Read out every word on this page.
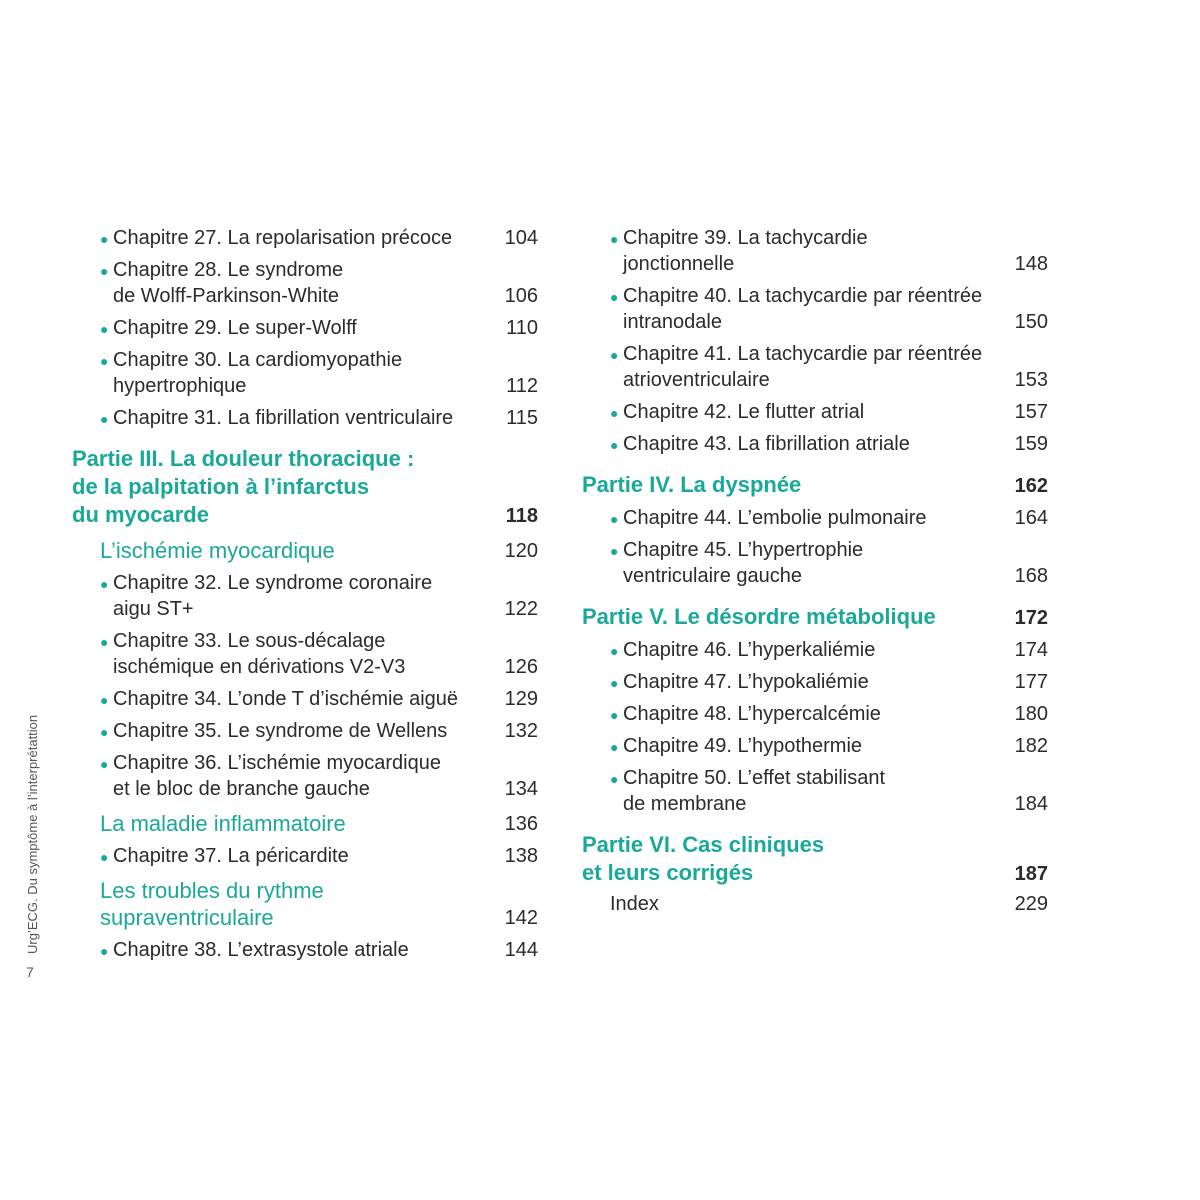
● Chapitre 27. La repolarisation précoce	104
● Chapitre 28. Le syndrome
de Wolff-Parkinson-White	106
● Chapitre 29. Le super-Wolff	110
● Chapitre 30. La cardiomyopathie
hypertrophique	112
● Chapitre 31. La fibrillation ventriculaire	115
Partie III. La douleur thoracique :
de la palpitation à l’infarctus
du myocarde	118
L’ischémie myocardique	120
● Chapitre 32. Le syndrome coronaire
aigu ST+	122
● Chapitre 33. Le sous-décalage
ischémique en dérivations V2-V3	126
● Chapitre 34. L’onde T d’ischémie aiguë	129
● Chapitre 35. Le syndrome de Wellens	132
● Chapitre 36. L’ischémie myocardique
et le bloc de branche gauche	134
La maladie inflammatoire	136
● Chapitre 37. La péricardite	138
Les troubles du rythme
supraventriculaire	142
● Chapitre 38. L’extrasystole atriale	144
● Chapitre 39. La tachycardie
jonctionnelle	148
● Chapitre 40. La tachycardie par réentrée
intranodale	150
● Chapitre 41. La tachycardie par réentrée
atrioventriculaire	153
● Chapitre 42. Le flutter atrial	157
● Chapitre 43. La fibrillation atriale	159
Partie IV. La dyspnée	162
● Chapitre 44. L’embolie pulmonaire	164
● Chapitre 45. L’hypertrophie
ventriculaire gauche	168
Partie V. Le désordre métabolique	172
● Chapitre 46. L’hyperkaliémie	174
● Chapitre 47. L’hypokaliémie	177
● Chapitre 48. L’hypercalcémie	180
● Chapitre 49. L’hypothermie	182
● Chapitre 50. L’effet stabilisant
de membrane	184
Partie VI. Cas cliniques
et leurs corrigés	187
Index	229
Urg’ECG. Du symptôme à l’interprétattion
7
